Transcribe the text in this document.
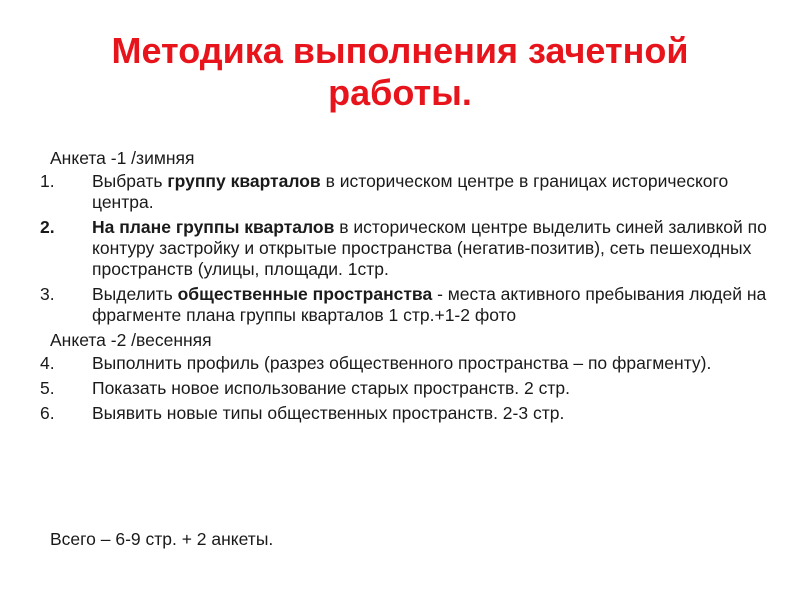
Методика выполнения зачетной
работы.
Анкета -1 /зимняя
1.	Выбрать группу кварталов в историческом центре в границах исторического центра.
2.	На плане группы кварталов в историческом центре выделить синей заливкой по контуру застройку и открытые пространства (негатив-позитив), сеть пешеходных пространств (улицы, площади. 1стр.
3.	Выделить общественные пространства - места активного пребывания людей на фрагменте плана группы кварталов 1 стр.+1-2 фото
Анкета -2 /весенняя
4.	Выполнить профиль (разрез общественного пространства – по фрагменту).
5.	Показать новое использование старых пространств. 2 стр.
6.	Выявить новые типы общественных пространств. 2-3 стр.
Всего – 6-9 стр. + 2 анкеты.
